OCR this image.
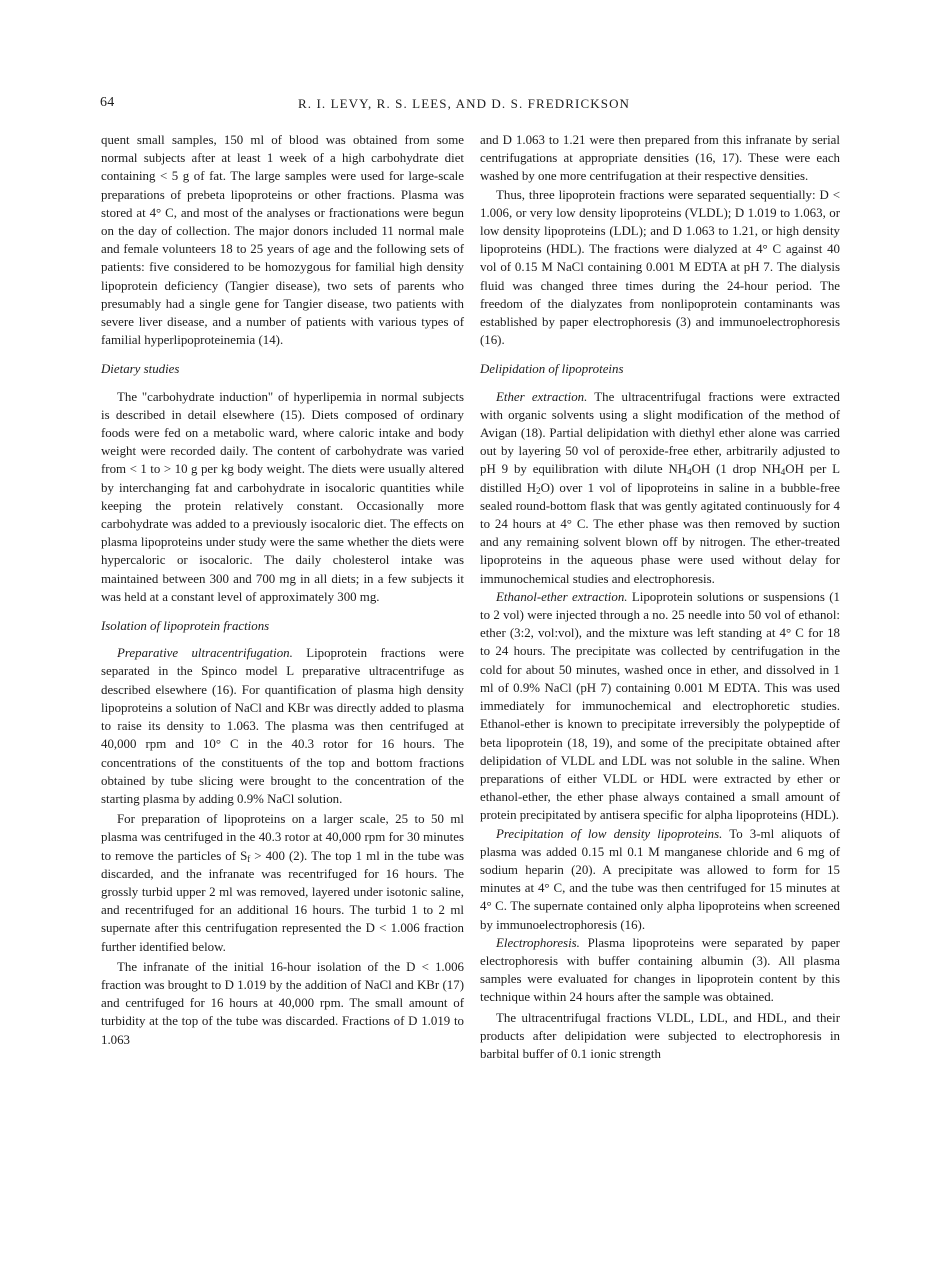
64	R. I. LEVY, R. S. LEES, AND D. S. FREDRICKSON

quent small samples, 150 ml of blood was obtained from some normal subjects after at least 1 week of a high carbohydrate diet containing < 5 g of fat. The large samples were used for large-scale preparations of prebeta lipoproteins or other fractions. Plasma was stored at 4° C, and most of the analyses or fractionations were begun on the day of collection. The major donors included 11 normal male and female volunteers 18 to 25 years of age and the following sets of patients: five considered to be homozygous for familial high density lipoprotein deficiency (Tangier disease), two sets of parents who presumably had a single gene for Tangier disease, two patients with severe liver disease, and a number of patients with various types of familial hyperlipoproteinemia (14).

Dietary studies

The "carbohydrate induction" of hyperlipemia in normal subjects is described in detail elsewhere (15). Diets composed of ordinary foods were fed on a metabolic ward, where caloric intake and body weight were recorded daily. The content of carbohydrate was varied from < 1 to > 10 g per kg body weight. The diets were usually altered by interchanging fat and carbohydrate in isocaloric quantities while keeping the protein relatively constant. Occasionally more carbohydrate was added to a previously isocaloric diet. The effects on plasma lipoproteins under study were the same whether the diets were hypercaloric or isocaloric. The daily cholesterol intake was maintained between 300 and 700 mg in all diets; in a few subjects it was held at a constant level of approximately 300 mg.

Isolation of lipoprotein fractions

Preparative ultracentrifugation. Lipoprotein fractions were separated in the Spinco model L preparative ultracentrifuge as described elsewhere (16). For quantification of plasma high density lipoproteins a solution of NaCl and KBr was directly added to plasma to raise its density to 1.063. The plasma was then centrifuged at 40,000 rpm and 10° C in the 40.3 rotor for 16 hours. The concentrations of the constituents of the top and bottom fractions obtained by tube slicing were brought to the concentration of the starting plasma by adding 0.9% NaCl solution.

For preparation of lipoproteins on a larger scale, 25 to 50 ml plasma was centrifuged in the 40.3 rotor at 40,000 rpm for 30 minutes to remove the particles of $S_f > 400$ (2). The top 1 ml in the tube was discarded, and the infranate was recentrifuged for 16 hours. The grossly turbid upper 2 ml was removed, layered under isotonic saline, and recentrifuged for an additional 16 hours. The turbid 1 to 2 ml supernate after this centrifugation represented the D < 1.006 fraction further identified below.

The infranate of the initial 16-hour isolation of the D < 1.006 fraction was brought to D 1.019 by the addition of NaCl and KBr (17) and centrifuged for 16 hours at 40,000 rpm. The small amount of turbidity at the top of the tube was discarded. Fractions of D 1.019 to 1.063

and D 1.063 to 1.21 were then prepared from this infranate by serial centrifugations at appropriate densities (16, 17). These were each washed by one more centrifugation at their respective densities.

Thus, three lipoprotein fractions were separated sequentially: D < 1.006, or very low density lipoproteins (VLDL); D 1.019 to 1.063, or low density lipoproteins (LDL); and D 1.063 to 1.21, or high density lipoproteins (HDL). The fractions were dialyzed at 4° C against 40 vol of 0.15 M NaCl containing 0.001 M EDTA at pH 7. The dialysis fluid was changed three times during the 24-hour period. The freedom of the dialyzates from nonlipoprotein contaminants was established by paper electrophoresis (3) and immunoelectrophoresis (16).

Delipidation of lipoproteins

Ether extraction. The ultracentrifugal fractions were extracted with organic solvents using a slight modification of the method of Avigan (18). Partial delipidation with diethyl ether alone was carried out by layering 50 vol of peroxide-free ether, arbitrarily adjusted to pH 9 by equilibration with dilute $NH_4OH$ (1 drop $NH_4OH$ per L distilled $H_2O$) over 1 vol of lipoproteins in saline in a bubble-free sealed round-bottom flask that was gently agitated continuously for 4 to 24 hours at 4° C. The ether phase was then removed by suction and any remaining solvent blown off by nitrogen. The ether-treated lipoproteins in the aqueous phase were used without delay for immunochemical studies and electrophoresis.

Ethanol-ether extraction. Lipoprotein solutions or suspensions (1 to 2 vol) were injected through a no. 25 needle into 50 vol of ethanol: ether (3:2, vol:vol), and the mixture was left standing at 4° C for 18 to 24 hours. The precipitate was collected by centrifugation in the cold for about 50 minutes, washed once in ether, and dissolved in 1 ml of 0.9% NaCl (pH 7) containing 0.001 M EDTA. This was used immediately for immunochemical and electrophoretic studies. Ethanol-ether is known to precipitate irreversibly the polypeptide of beta lipoprotein (18, 19), and some of the precipitate obtained after delipidation of VLDL and LDL was not soluble in the saline. When preparations of either VLDL or HDL were extracted by ether or ethanol-ether, the ether phase always contained a small amount of protein precipitated by antisera specific for alpha lipoproteins (HDL).

Precipitation of low density lipoproteins. To 3-ml aliquots of plasma was added 0.15 ml 0.1 M manganese chloride and 6 mg of sodium heparin (20). A precipitate was allowed to form for 15 minutes at 4° C, and the tube was then centrifuged for 15 minutes at 4° C. The supernate contained only alpha lipoproteins when screened by immunoelectrophoresis (16).

Electrophoresis. Plasma lipoproteins were separated by paper electrophoresis with buffer containing albumin (3). All plasma samples were evaluated for changes in lipoprotein content by this technique within 24 hours after the sample was obtained.

The ultracentrifugal fractions VLDL, LDL, and HDL, and their products after delipidation were subjected to electrophoresis in barbital buffer of 0.1 ionic strength
